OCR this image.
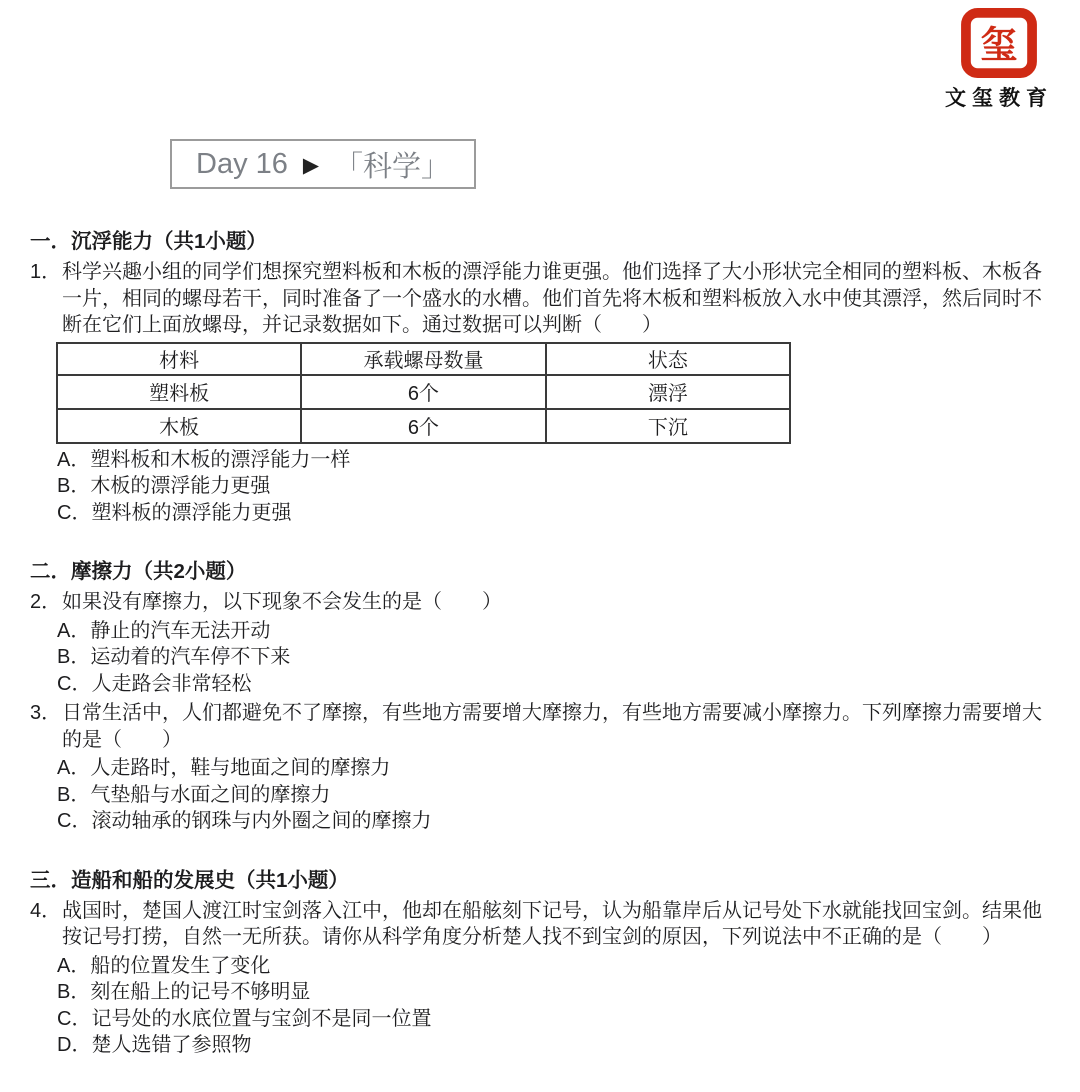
玺
文玺教育
Day 16 ▶ 「科学」
一．沉浮能力（共1小题）
1． 科学兴趣小组的同学们想探究塑料板和木板的漂浮能力谁更强。他们选择了大小形状完全相同的塑料板、木板各一片，相同的螺母若干，同时准备了一个盛水的水槽。他们首先将木板和塑料板放入水中使其漂浮，然后同时不断在它们上面放螺母，并记录数据如下。通过数据可以判断（　　）
材料	承载螺母数量	状态
塑料板	6个	漂浮
木板	6个	下沉
A．塑料板和木板的漂浮能力一样
B．木板的漂浮能力更强
C．塑料板的漂浮能力更强
二．摩擦力（共2小题）
2． 如果没有摩擦力，以下现象不会发生的是（　　）
A．静止的汽车无法开动
B．运动着的汽车停不下来
C．人走路会非常轻松
3． 日常生活中，人们都避免不了摩擦，有些地方需要增大摩擦力，有些地方需要减小摩擦力。下列摩擦力需要增大的是（　　）
A．人走路时，鞋与地面之间的摩擦力
B．气垫船与水面之间的摩擦力
C．滚动轴承的钢珠与内外圈之间的摩擦力
三．造船和船的发展史（共1小题）
4． 战国时，楚国人渡江时宝剑落入江中，他却在船舷刻下记号，认为船靠岸后从记号处下水就能找回宝剑。结果他按记号打捞，自然一无所获。请你从科学角度分析楚人找不到宝剑的原因，下列说法中不正确的是（　　）
A．船的位置发生了变化
B．刻在船上的记号不够明显
C．记号处的水底位置与宝剑不是同一位置
D．楚人选错了参照物
